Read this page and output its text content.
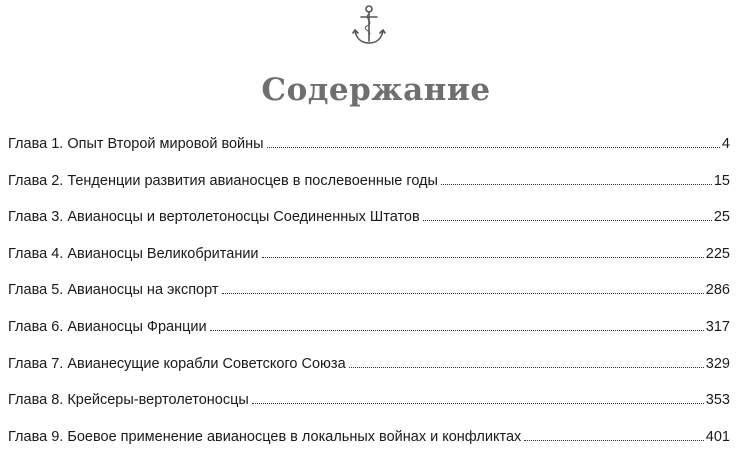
Содержание
Глава 1. Опыт Второй мировой войны	4
Глава 2. Тенденции развития авианосцев в послевоенные годы	15
Глава 3. Авианосцы и вертолетоносцы Соединенных Штатов	25
Глава 4. Авианосцы Великобритании	225
Глава 5. Авианосцы на экспорт	286
Глава 6. Авианосцы Франции	317
Глава 7. Авианесущие корабли Советского Союза	329
Глава 8. Крейсеры-вертолетоносцы	353
Глава 9. Боевое применение авианосцев в локальных войнах и конфликтах	401
